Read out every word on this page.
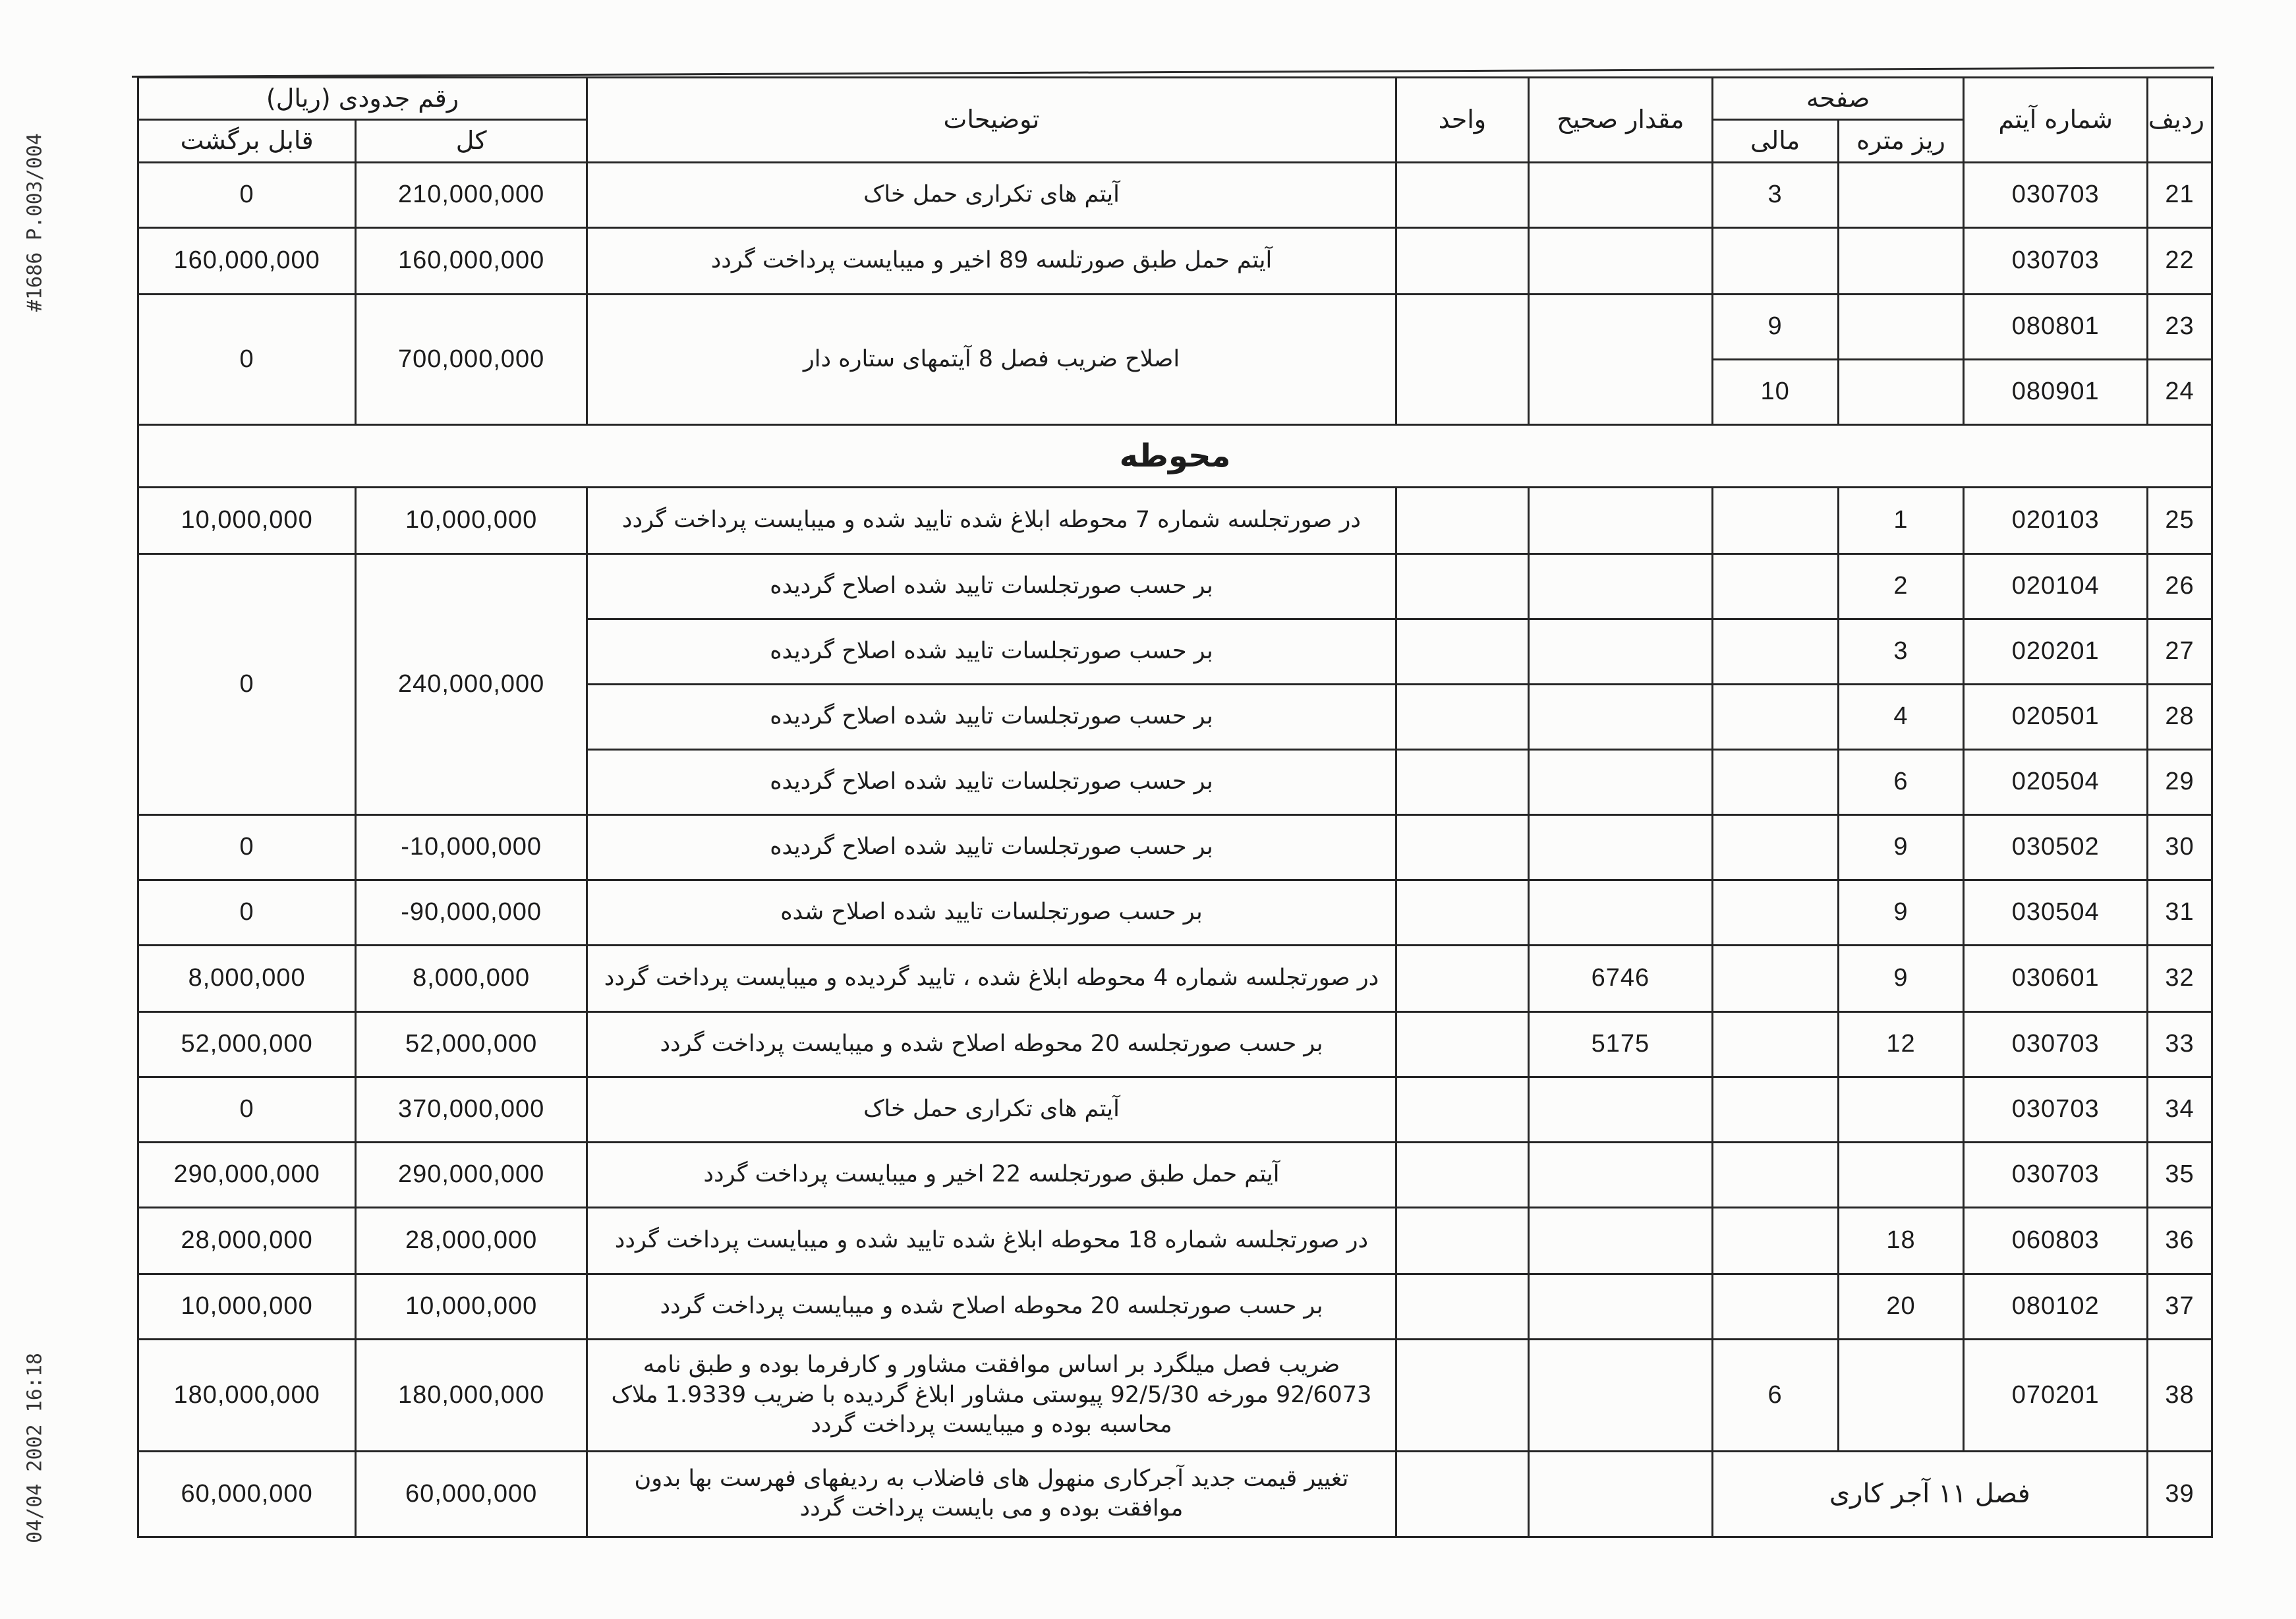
#1686 P.003/004
04/04 2002 16:18
ردیف	شماره آیتم	صفحه		مقدار صحیح	واحد	توضیحات	رقم جدودی (ریال)	
		ریز متره	مالی				کل	قابل برگشت
21	030703		3			آیتم های تکراری حمل خاک	210,000,000	0
22	030703					آیتم حمل طبق صورتلسه 89 اخیر و میبایست پرداخت گردد	160,000,000	160,000,000
23	080801		9			اصلاح ضریب فصل 8 آیتمهای ستاره دار	700,000,000	0
24	080901		10					
محوطه								
25	020103	1				در صورتجلسه شماره 7 محوطه ابلاغ شده تایید شده و میبایست پرداخت گردد	10,000,000	10,000,000
26	020104	2				بر حسب صورتجلسات تایید شده اصلاح گردیده	240,000,000	0
27	020201	3				بر حسب صورتجلسات تایید شده اصلاح گردیده		
28	020501	4				بر حسب صورتجلسات تایید شده اصلاح گردیده		
29	020504	6				بر حسب صورتجلسات تایید شده اصلاح گردیده		
30	030502	9				بر حسب صورتجلسات تایید شده اصلاح گردیده	-10,000,000	0
31	030504	9				بر حسب صورتجلسات تایید شده اصلاح شده	-90,000,000	0
32	030601	9		6746		در صورتجلسه شماره 4 محوطه ابلاغ شده ، تایید گردیده و میبایست پرداخت گردد	8,000,000	8,000,000
33	030703	12		5175		بر حسب صورتجلسه 20 محوطه اصلاح شده و میبایست پرداخت گردد	52,000,000	52,000,000
34	030703					آیتم های تکراری حمل خاک	370,000,000	0
35	030703					آیتم حمل طبق صورتجلسه 22 اخیر و میبایست پرداخت گردد	290,000,000	290,000,000
36	060803	18				در صورتجلسه شماره 18 محوطه ابلاغ شده تایید شده و میبایست پرداخت گردد	28,000,000	28,000,000
37	080102	20				بر حسب صورتجلسه 20 محوطه اصلاح شده و میبایست پرداخت گردد	10,000,000	10,000,000
38	070201		6			ضریب فصل میلگرد بر اساس موافقت مشاور و کارفرما بوده و طبق نامه 92/6073 مورخه 92/5/30 پیوستی مشاور ابلاغ گردیده با ضریب 1.9339 ملاک محاسبه بوده و میبایست پرداخت گردد	180,000,000	180,000,000
39	فصل ۱۱ آجر کاری					تغییر قیمت جدید آجرکاری منهول های فاضلاب به ردیفهای فهرست بها بدون موافقت بوده و می بایست پرداخت گردد	60,000,000	60,000,000
